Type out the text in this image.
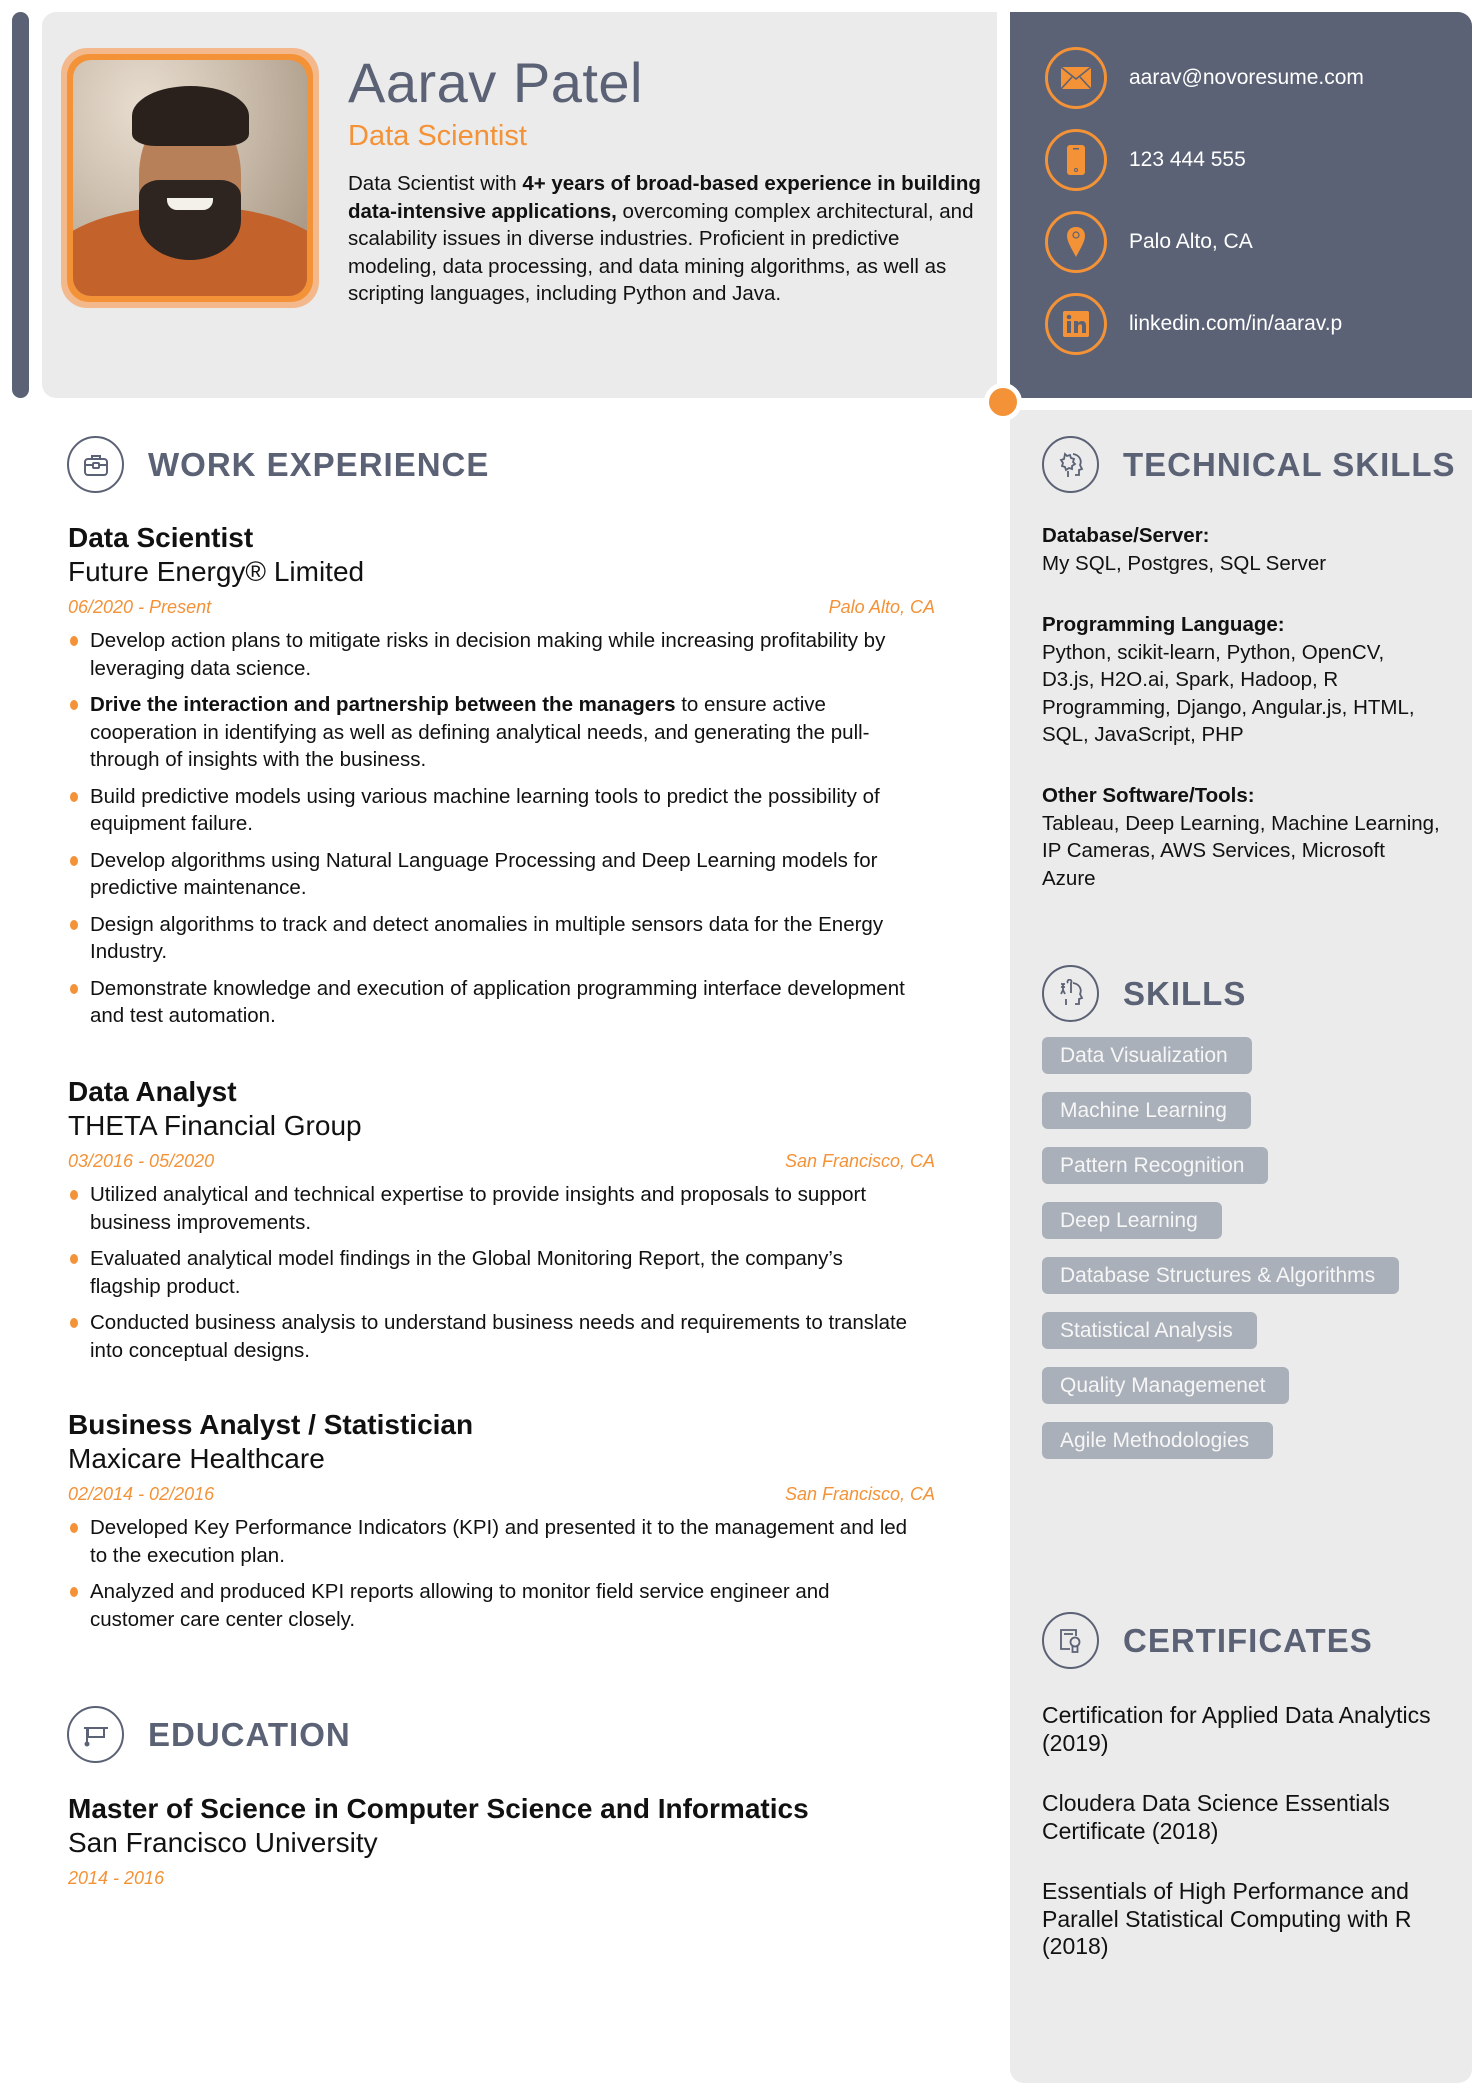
Aarav Patel
Data Scientist
Data Scientist with 4+ years of broad-based experience in building data-intensive applications, overcoming complex architectural, and scalability issues in diverse industries. Proficient in predictive modeling, data processing, and data mining algorithms, as well as scripting languages, including Python and Java.
aarav@novoresume.com
123 444 555
Palo Alto, CA
linkedin.com/in/aarav.p
WORK EXPERIENCE
Data Scientist
Future Energy® Limited
06/2020 - Present	Palo Alto, CA
Develop action plans to mitigate risks in decision making while increasing profitability by leveraging data science.
Drive the interaction and partnership between the managers to ensure active cooperation in identifying as well as defining analytical needs, and generating the pull-through of insights with the business.
Build predictive models using various machine learning tools to predict the possibility of equipment failure.
Develop algorithms using Natural Language Processing and Deep Learning models for predictive maintenance.
Design algorithms to track and detect anomalies in multiple sensors data for the Energy Industry.
Demonstrate knowledge and execution of application programming interface development and test automation.
Data Analyst
THETA Financial Group
03/2016 - 05/2020	San Francisco, CA
Utilized analytical and technical expertise to provide insights and proposals to support business improvements.
Evaluated analytical model findings in the Global Monitoring Report, the company’s flagship product.
Conducted business analysis to understand business needs and requirements to translate into conceptual designs.
Business Analyst / Statistician
Maxicare Healthcare
02/2014 - 02/2016	San Francisco, CA
Developed Key Performance Indicators (KPI) and presented it to the management and led to the execution plan.
Analyzed and produced KPI reports allowing to monitor field service engineer and customer care center closely.
EDUCATION
Master of Science in Computer Science and Informatics
San Francisco University
2014 - 2016
TECHNICAL SKILLS
Database/Server:
My SQL, Postgres, SQL Server
Programming Language:
Python, scikit-learn, Python, OpenCV, D3.js, H2O.ai, Spark, Hadoop, R Programming, Django, Angular.js, HTML, SQL, JavaScript, PHP
Other Software/Tools:
Tableau, Deep Learning, Machine Learning, IP Cameras, AWS Services, Microsoft Azure
SKILLS
Data Visualization
Machine Learning
Pattern Recognition
Deep Learning
Database Structures & Algorithms
Statistical Analysis
Quality Managemenet
Agile Methodologies
CERTIFICATES
Certification for Applied Data Analytics (2019)
Cloudera Data Science Essentials Certificate (2018)
Essentials of High Performance and Parallel Statistical Computing with R (2018)
